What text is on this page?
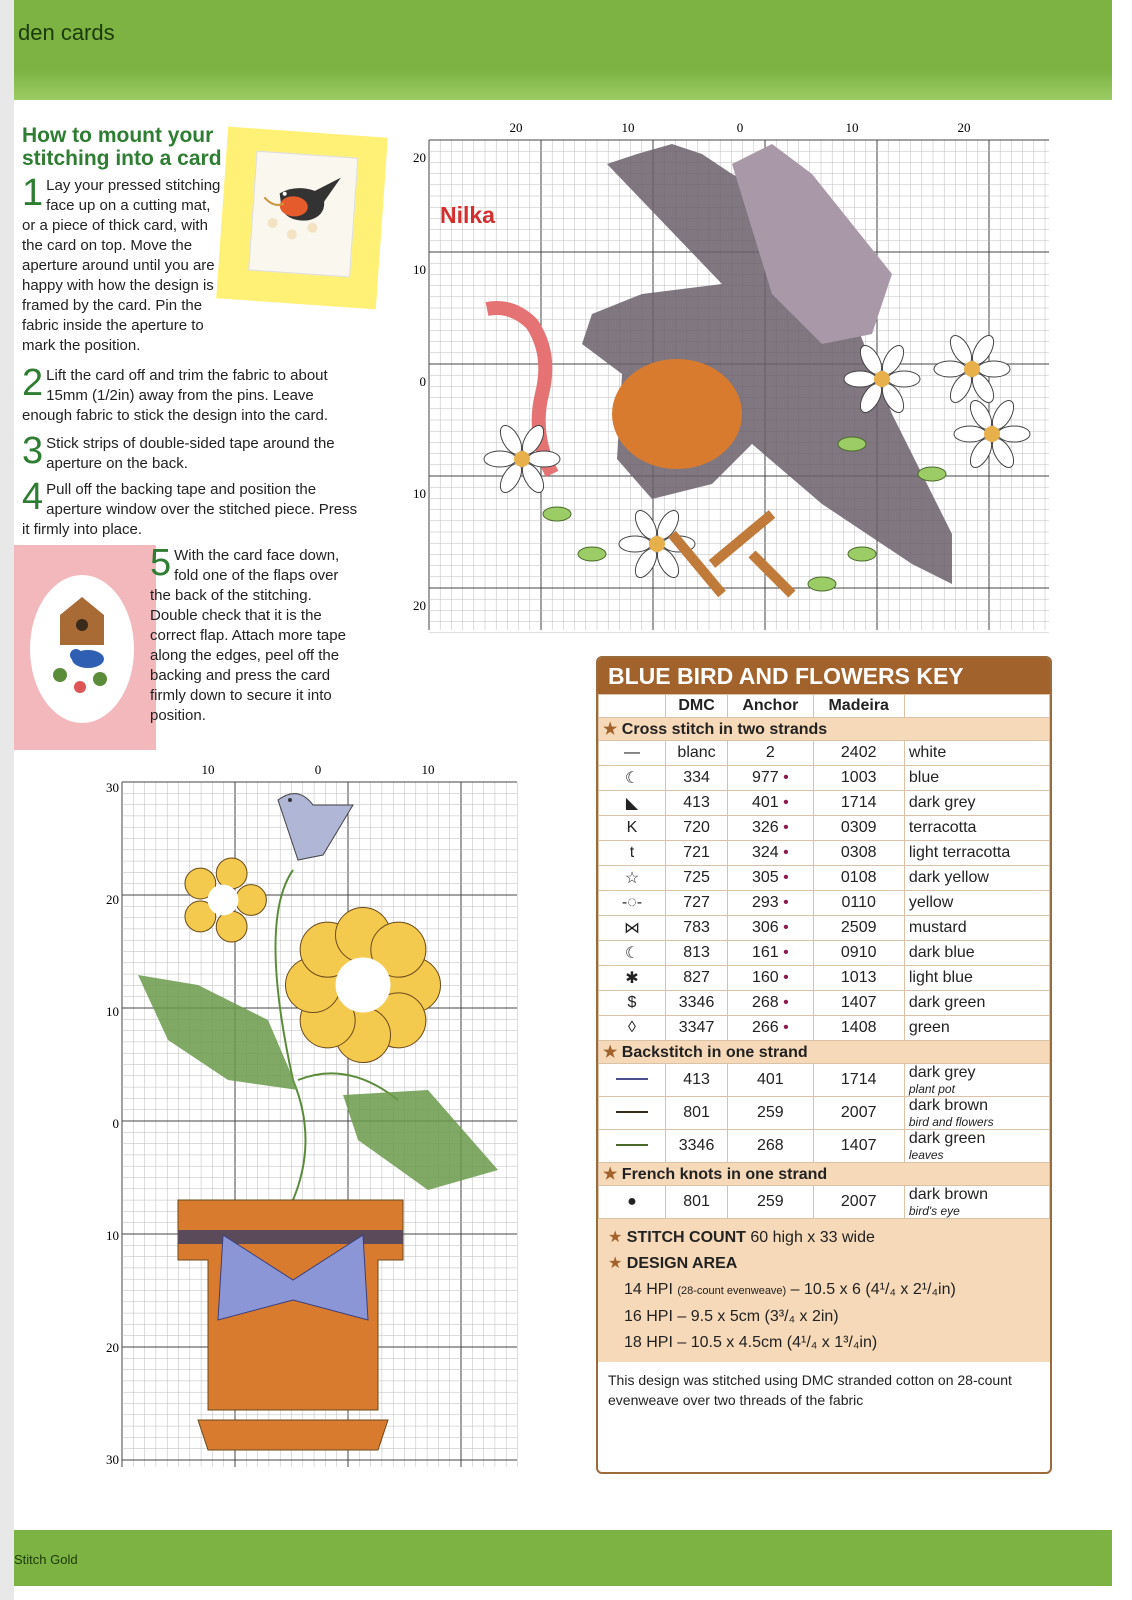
den cards
How to mount your
stitching into a card
1 Lay your pressed stitching face up on a cutting mat, or a piece of thick card, with the card on top. Move the aperture around until you are happy with how the design is framed by the card. Pin the fabric inside the aperture to mark the position.
2 Lift the card off and trim the fabric to about 15mm (1/2in) away from the pins. Leave enough fabric to stick the design into the card.
3 Stick strips of double-sided tape around the aperture on the back.
4 Pull off the backing tape and position the aperture window over the stitched piece. Press it firmly into place.
5 With the card face down, fold one of the flaps over the back of the stitching. Double check that it is the correct flap. Attach more tape along the edges, peel off the backing and press the card firmly down to secure it into position.
20	10	0	10	20
20
10
0
10
20
Nilka
10	0	10
30
20
10
0
10
20
30
BLUE BIRD AND FLOWERS KEY
	DMC	Anchor	Madeira	
★ Cross stitch in two strands				
—	blanc	2	2402	white
☾	334	977 •	1003	blue
◣	413	401 •	1714	dark grey
K	720	326 •	0309	terracotta
t	721	324 •	0308	light terracotta
☆	725	305 •	0108	dark yellow
-◌-	727	293 •	0110	yellow
⋈	783	306 •	2509	mustard
☾	813	161 •	0910	dark blue
✱	827	160 •	1013	light blue
$	3346	268 •	1407	dark green
◊	3347	266 •	1408	green
★ Backstitch in one strand				
	413	401	1714	dark grey
plant pot

	801	259	2007	dark brown
bird and flowers

	3346	268	1407	dark green
leaves

★ French knots in one strand				
●	801	259	2007	dark brown
bird's eye
★ STITCH COUNT 60 high x 33 wide
★ DESIGN AREA
14 HPI (28-count evenweave) – 10.5 x 6 (4¹/₄ x 2¹/₄in)
16 HPI – 9.5 x 5cm (3³/₄ x 2in)
18 HPI – 10.5 x 4.5cm (4¹/₄ x 1³/₄in)
This design was stitched using DMC stranded cotton on 28-count evenweave over two threads of the fabric
Stitch Gold
